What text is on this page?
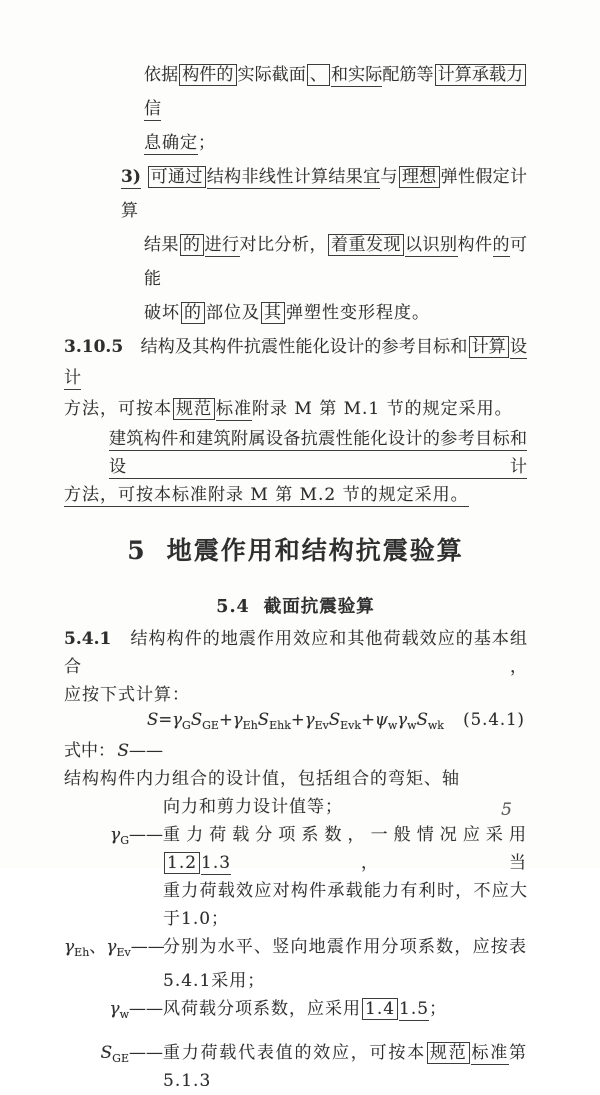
依据 构件的 实际截面 、 和实际配筋等 计算承载力信
息确定；
3) 可通过 结构非线性计算结果宜与 理想 弹性假定计算
结果 的 进行对比分析， 着重发现 以识别构件的可能
破坏 的 部位及 其 弹塑性变形程度。
3.10.5　结构及其构件抗震性能化设计的参考目标和 计算 设计
方法，可按本 规范 标准附录 M 第 M.1 节的规定采用。
建筑构件和建筑附属设备抗震性能化设计的参考目标和设计
方法，可按本标准附录 M 第 M.2 节的规定采用。
5 地震作用和结构抗震验算
5.4 截面抗震验算
5.4.1　结构构件的地震作用效应和其他荷载效应的基本组合，
应按下式计算：
$S=\gamma_GS_{GE}+\gamma_{Eh}S_{Ehk}+\gamma_{Ev}S_{Evk}+\psi_w\gamma_wS_{wk}$ (5.4.1)
式中： S——
结构构件内力组合的设计值，包括组合的弯矩、轴
向力和剪力设计值等；
$\gamma_G——$ 重力荷载分项系数，一般情况应采用1.2 1.3，当
重力荷载效应对构件承载能力有利时，不应大
于1.0；
$\gamma_{Eh}$、$\gamma_{Ev}——$
分别为水平、竖向地震作用分项系数，应按表
5.4.1采用；
$\gamma_w——$ 风荷载分项系数，应采用 1.4 1.5；
$S_{GE}——$ 重力荷载代表值的效应，可按本 规范 标准第 5.1.3
5
